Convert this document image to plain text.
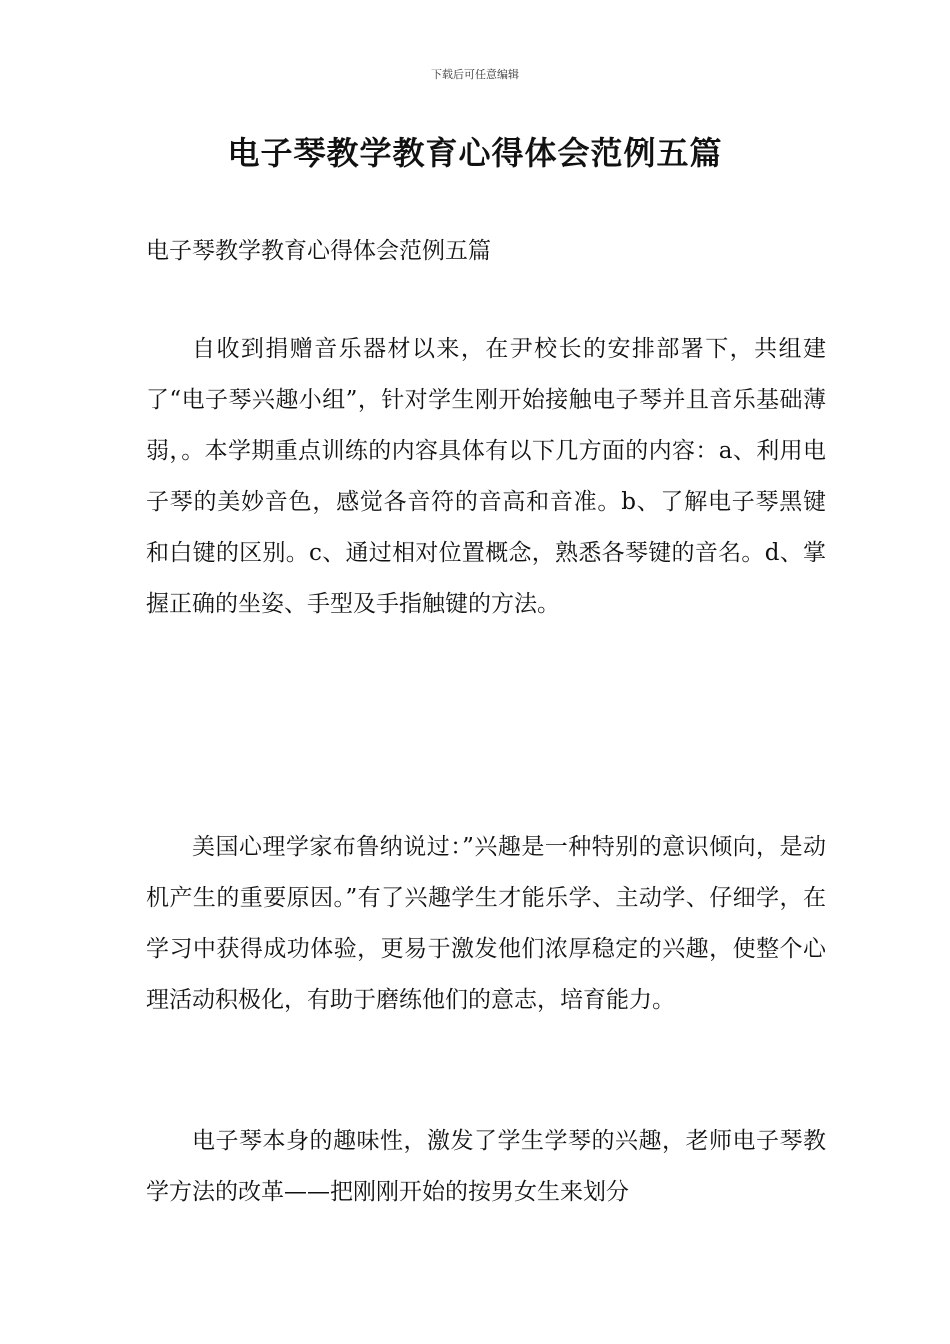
下载后可任意编辑
电子琴教学教育心得体会范例五篇

电子琴教学教育心得体会范例五篇

自收到捐赠音乐器材以来，在尹校长的安排部署下，共组建了“电子琴兴趣小组”，针对学生刚开始接触电子琴并且音乐基础薄弱，。本学期重点训练的内容具体有以下几方面的内容：a、利用电子琴的美妙音色，感觉各音符的音高和音准。b、了解电子琴黑键和白键的区别。c、通过相对位置概念，熟悉各琴键的音名。d、掌握正确的坐姿、手型及手指触键的方法。

美国心理学家布鲁纳说过：”兴趣是一种特别的意识倾向，是动机产生的重要原因。”有了兴趣学生才能乐学、主动学、仔细学，在学习中获得成功体验，更易于激发他们浓厚稳定的兴趣，使整个心理活动积极化，有助于磨练他们的意志，培育能力。

电子琴本身的趣味性，激发了学生学琴的兴趣，老师电子琴教学方法的改革——把刚刚开始的按男女生来划分
